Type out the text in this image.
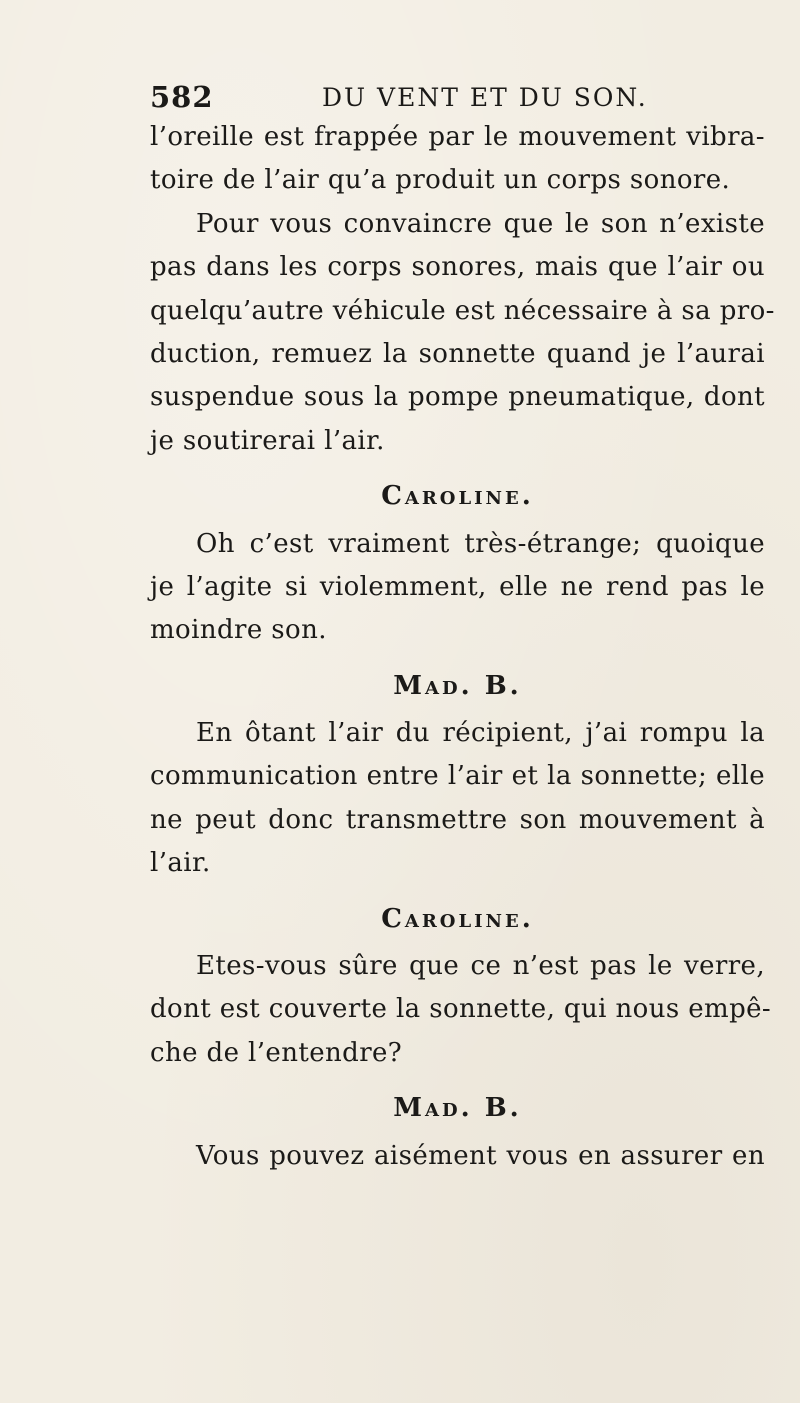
582	DU VENT ET DU SON.
l’oreille est frappée par le mouvement vibra-
toire de l’air qu’a produit un corps sonore.
Pour vous convaincre que le son n’existe
pas dans les corps sonores, mais que l’air ou
quelqu’autre véhicule est nécessaire à sa pro-
duction, remuez la sonnette quand je l’aurai
suspendue sous la pompe pneumatique, dont
je soutirerai l’air.
Caroline.
Oh c’est vraiment très-étrange; quoique
je l’agite si violemment, elle ne rend pas le
moindre son.
Mad. B.
En ôtant l’air du récipient, j’ai rompu la
communication entre l’air et la sonnette; elle
ne peut donc transmettre son mouvement à
l’air.
Caroline.
Etes-vous sûre que ce n’est pas le verre,
dont est couverte la sonnette, qui nous empê-
che de l’entendre?
Mad. B.
Vous pouvez aisément vous en assurer en
